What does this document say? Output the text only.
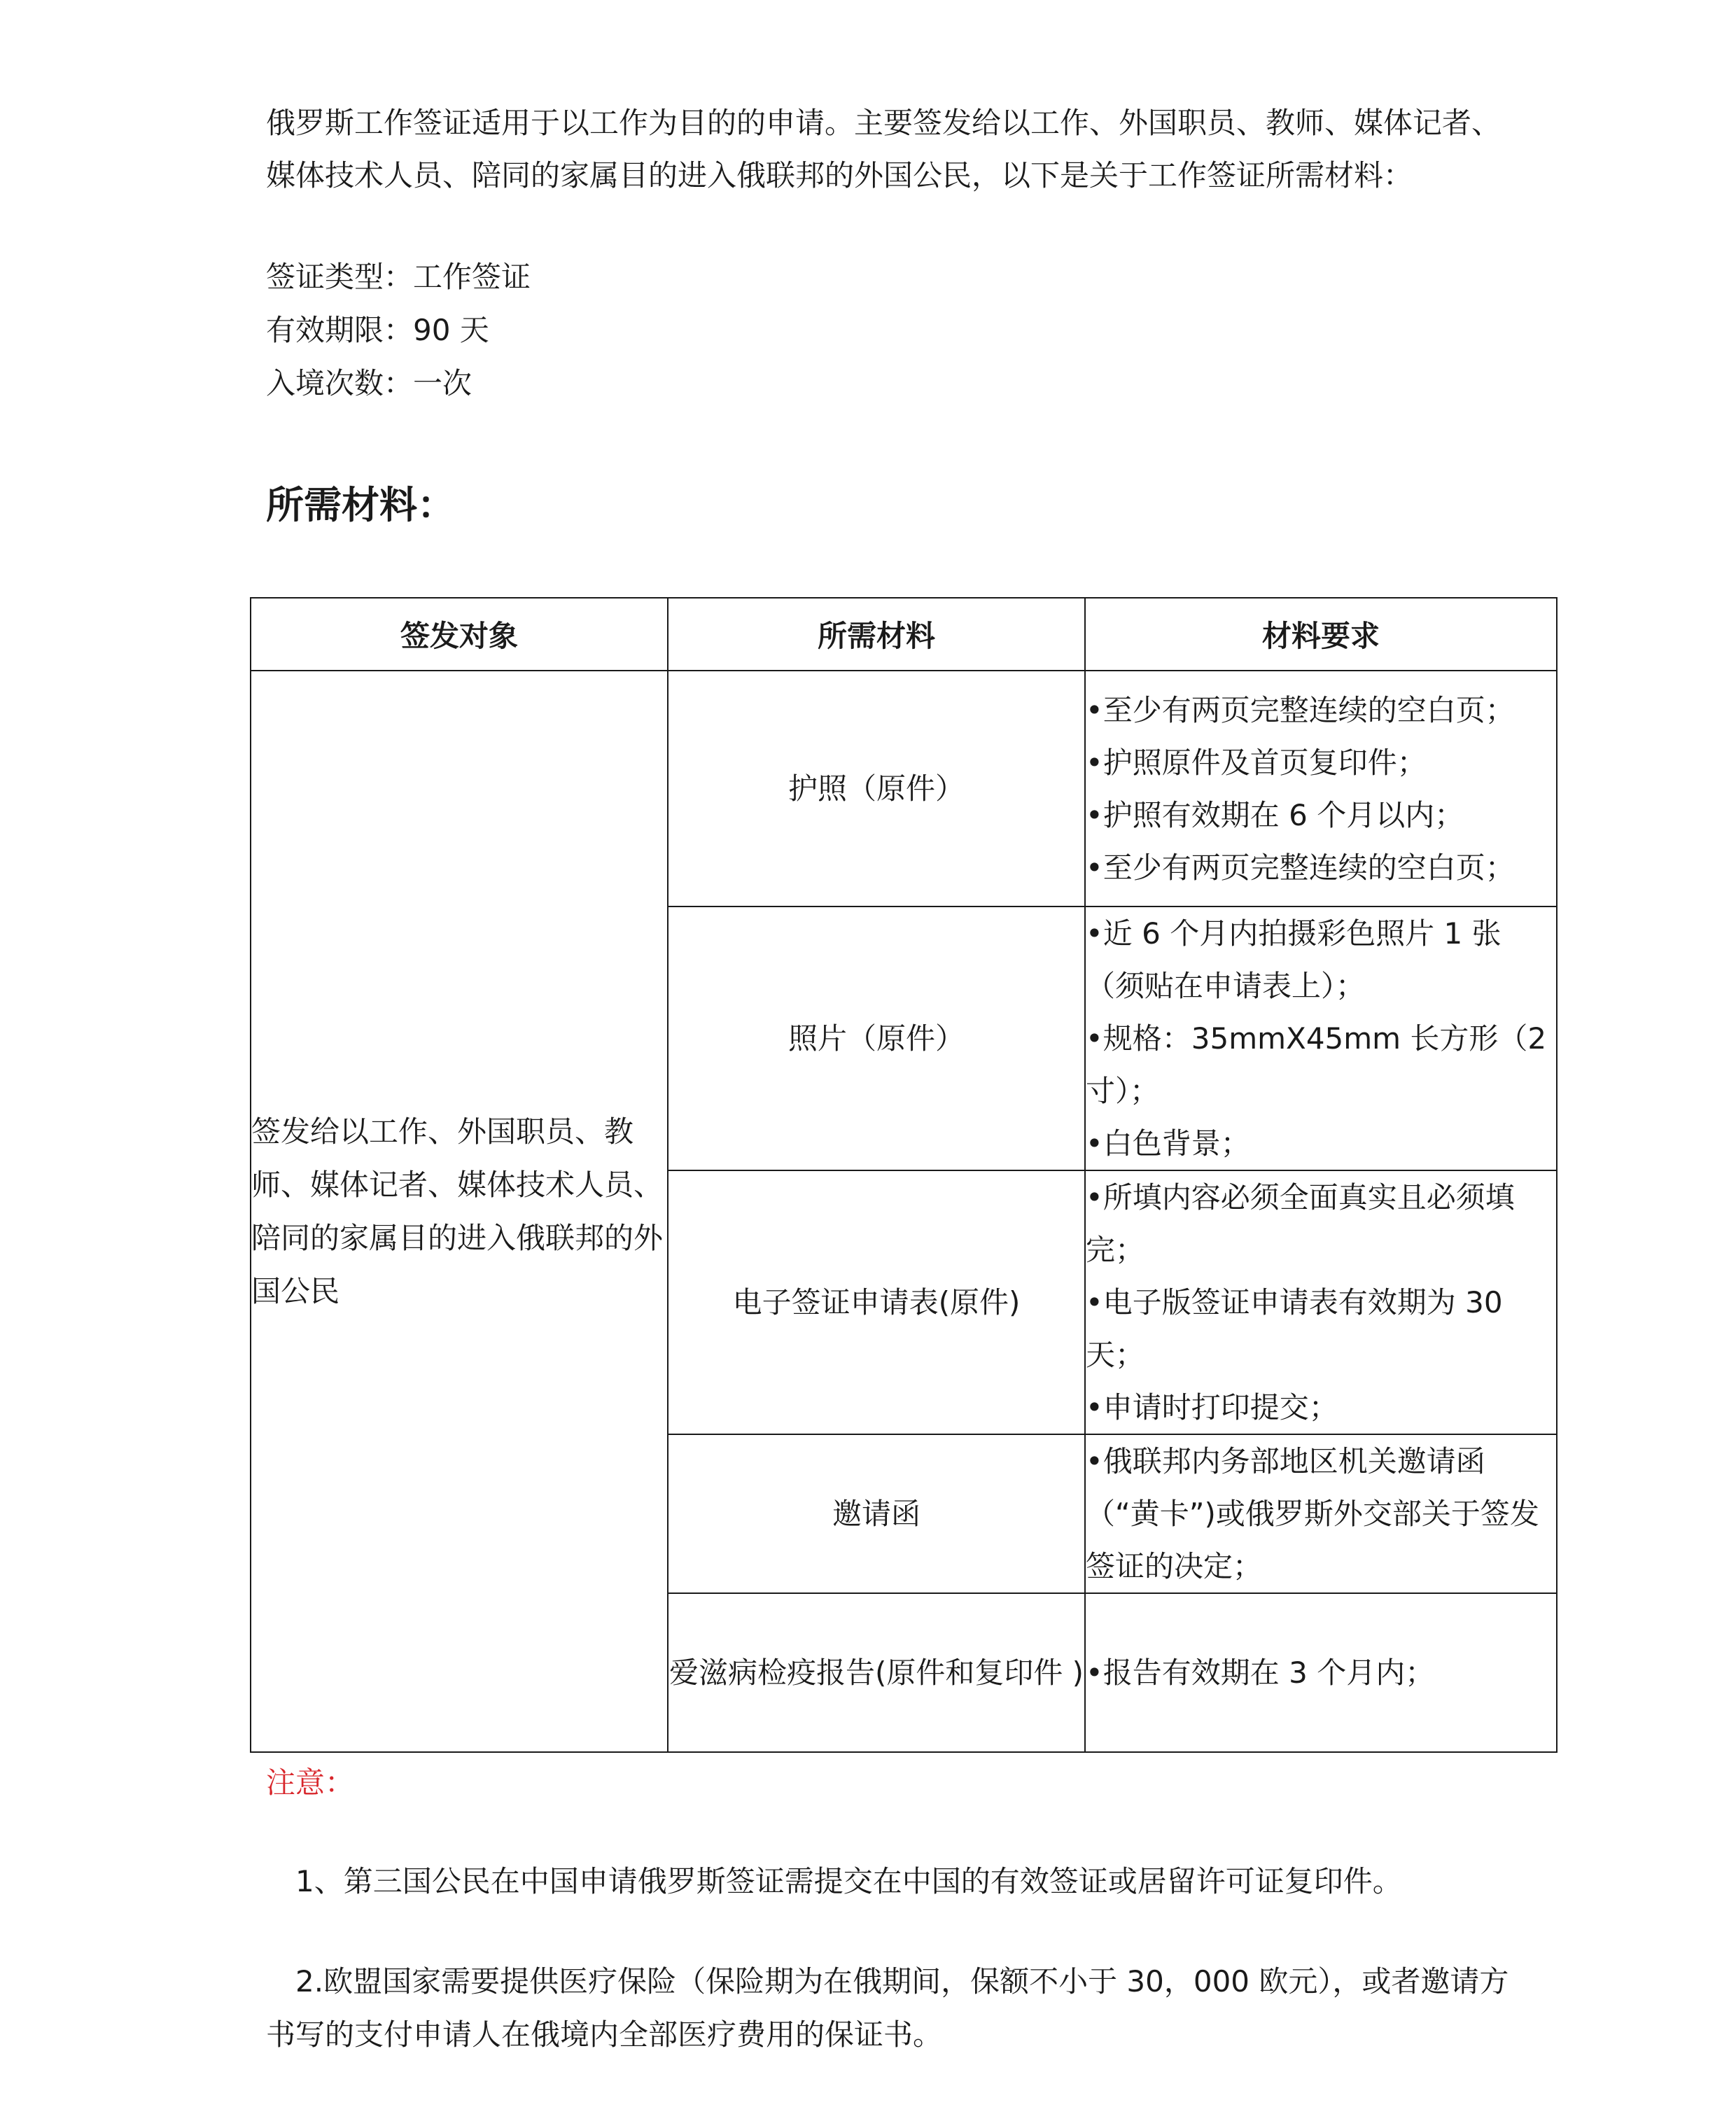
俄罗斯工作签证适用于以工作为目的的申请。主要签发给以工作、外国职员、教师、媒体记者、媒体技术人员、陪同的家属目的进入俄联邦的外国公民，以下是关于工作签证所需材料：

签证类型：工作签证
有效期限：90 天
入境次数：一次
所需材料：
签发对象	所需材料	材料要求
签发给以工作、外国职员、教师、媒体记者、媒体技术人员、陪同的家属目的进入俄联邦的外国公民	护照（原件）	•至少有两页完整连续的空白页；
•护照原件及首页复印件；
•护照有效期在 6 个月以内；
•至少有两页完整连续的空白页；

	照片（原件）	•近 6 个月内拍摄彩色照片 1 张（须贴在申请表上）；
•规格：35mmX45mm 长方形（2 寸）；
•白色背景；

	电子签证申请表(原件)	•所填内容必须全面真实且必须填完；
•电子版签证申请表有效期为 30 天；
•申请时打印提交；

	邀请函	•俄联邦内务部地区机关邀请函（“黄卡”)或俄罗斯外交部关于签发签证的决定；

	爱滋病检疫报告(原件和复印件 )	•报告有效期在 3 个月内；

注意：

1、第三国公民在中国申请俄罗斯签证需提交在中国的有效签证或居留许可证复印件。

2.欧盟国家需要提供医疗保险（保险期为在俄期间，保额不小于 30，000 欧元），或者邀请方书写的支付申请人在俄境内全部医疗费用的保证书。
